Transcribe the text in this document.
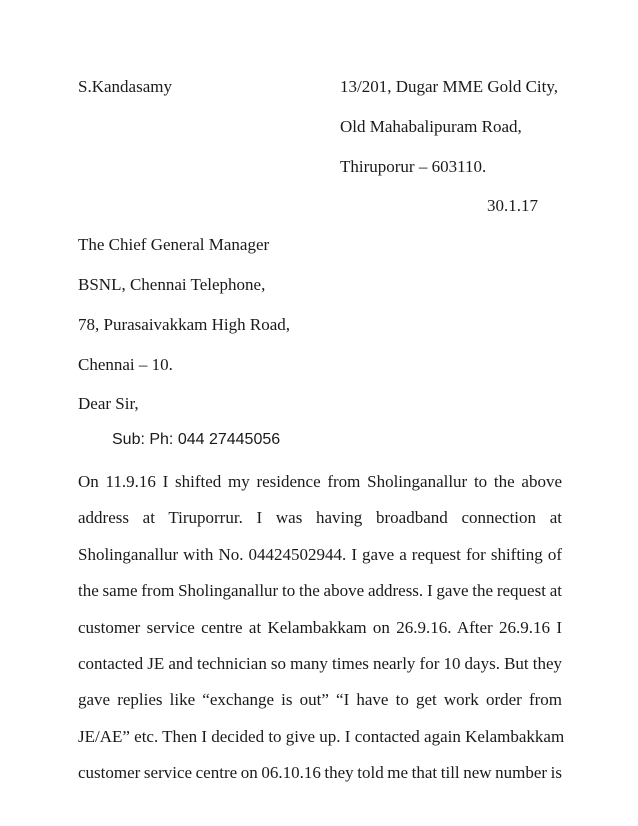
S.Kandasamy	13/201, Dugar MME Gold City,
Old Mahabalipuram Road,
Thiruporur – 603110.
30.1.17
The Chief General Manager
BSNL, Chennai Telephone,
78, Purasaivakkam High Road,
Chennai – 10.
Dear Sir,
Sub: Ph: 044 27445056
On 11.9.16 I shifted my residence from Sholinganallur to the above
address at Tiruporrur. I was having broadband connection at
Sholinganallur with No. 04424502944. I gave a request for shifting of
the same from Sholinganallur to the above address. I gave the request at
customer service centre at Kelambakkam on 26.9.16. After 26.9.16 I
contacted JE and technician so many times nearly for 10 days. But they
gave replies like “exchange is out” “I have to get work order from
JE/AE” etc. Then I decided to give up. I contacted again Kelambakkam
customer service centre on 06.10.16 they told me that till new number is
